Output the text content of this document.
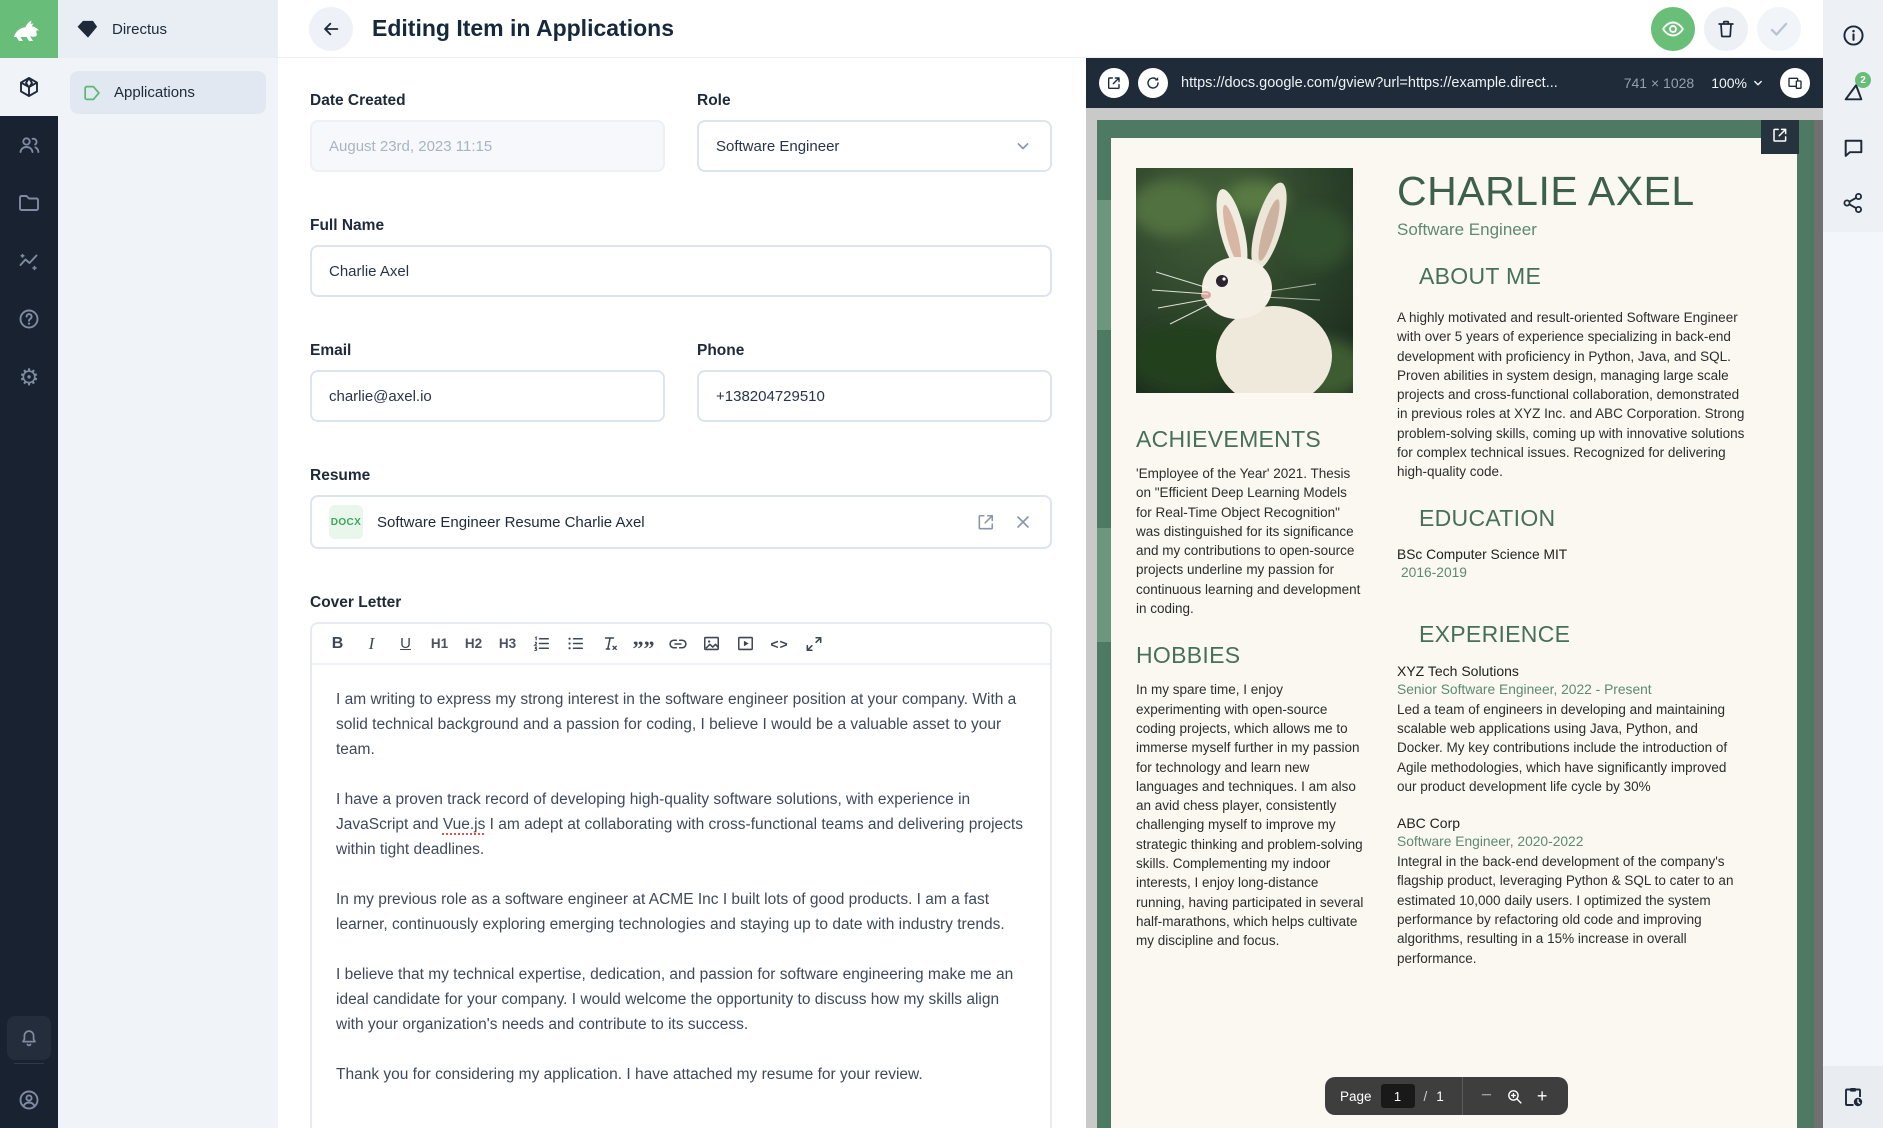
⚙
Directus
Applications
Editing Item in Applications
Date Created
August 23rd, 2023 11:15
Role
Software Engineer
Full Name
Charlie Axel
Email
charlie@axel.io
Phone
+138204729510
Resume
DOCX Software Engineer Resume Charlie Axel
Cover Letter
B	I	U	H1 H2 H3	””	<>

I am writing to express my strong interest in the software engineer position at your company. With a solid technical background and a passion for coding, I believe I would be a valuable asset to your team.

I have a proven track record of developing high-quality software solutions, with experience in JavaScript and Vue.js I am adept at collaborating with cross-functional teams and delivering projects within tight deadlines.

In my previous role as a software engineer at ACME Inc I built lots of good products. I am a fast learner, continuously exploring emerging technologies and staying up to date with industry trends.

I believe that my technical expertise, dedication, and passion for software engineering make me an ideal candidate for your company. I would welcome the opportunity to discuss how my skills align with your organization's needs and contribute to its success.

Thank you for considering my application. I have attached my resume for your review.

https://docs.google.com/gview?url=https://example.direct...	741 × 1028 100%
ACHIEVEMENTS
'Employee of the Year' 2021. Thesis on "Efficient Deep Learning Models for Real-Time Object Recognition" was distinguished for its significance and my contributions to open-source projects underline my passion for continuous learning and development in coding.
HOBBIES
In my spare time, I enjoy experimenting with open-source coding projects, which allows me to immerse myself further in my passion for technology and learn new languages and techniques. I am also an avid chess player, consistently challenging myself to improve my strategic thinking and problem-solving skills. Complementing my indoor interests, I enjoy long-distance running, having participated in several half-marathons, which helps cultivate my discipline and focus.
CHARLIE AXEL
Software Engineer
ABOUT ME
A highly motivated and result-oriented Software Engineer with over 5 years of experience specializing in back-end development with proficiency in Python, Java, and SQL. Proven abilities in system design, managing large scale projects and cross-functional collaboration, demonstrated in previous roles at XYZ Inc. and ABC Corporation. Strong problem-solving skills, coming up with innovative solutions for complex technical issues. Recognized for delivering high-quality code.
EDUCATION
BSc Computer Science MIT
2016-2019
EXPERIENCE
XYZ Tech Solutions
Senior Software Engineer, 2022 - Present
Led a team of engineers in developing and maintaining scalable web applications using Java, Python, and Docker. My key contributions include the introduction of Agile methodologies, which have significantly improved our product development life cycle by 30%
ABC Corp
Software Engineer, 2020-2022
Integral in the back-end development of the company's flagship product, leveraging Python & SQL to cater to an estimated 10,000 daily users. I optimized the system performance by refactoring old code and improving algorithms, resulting in a 15% increase in overall performance.
Page	1	/ 1	−	+
2
